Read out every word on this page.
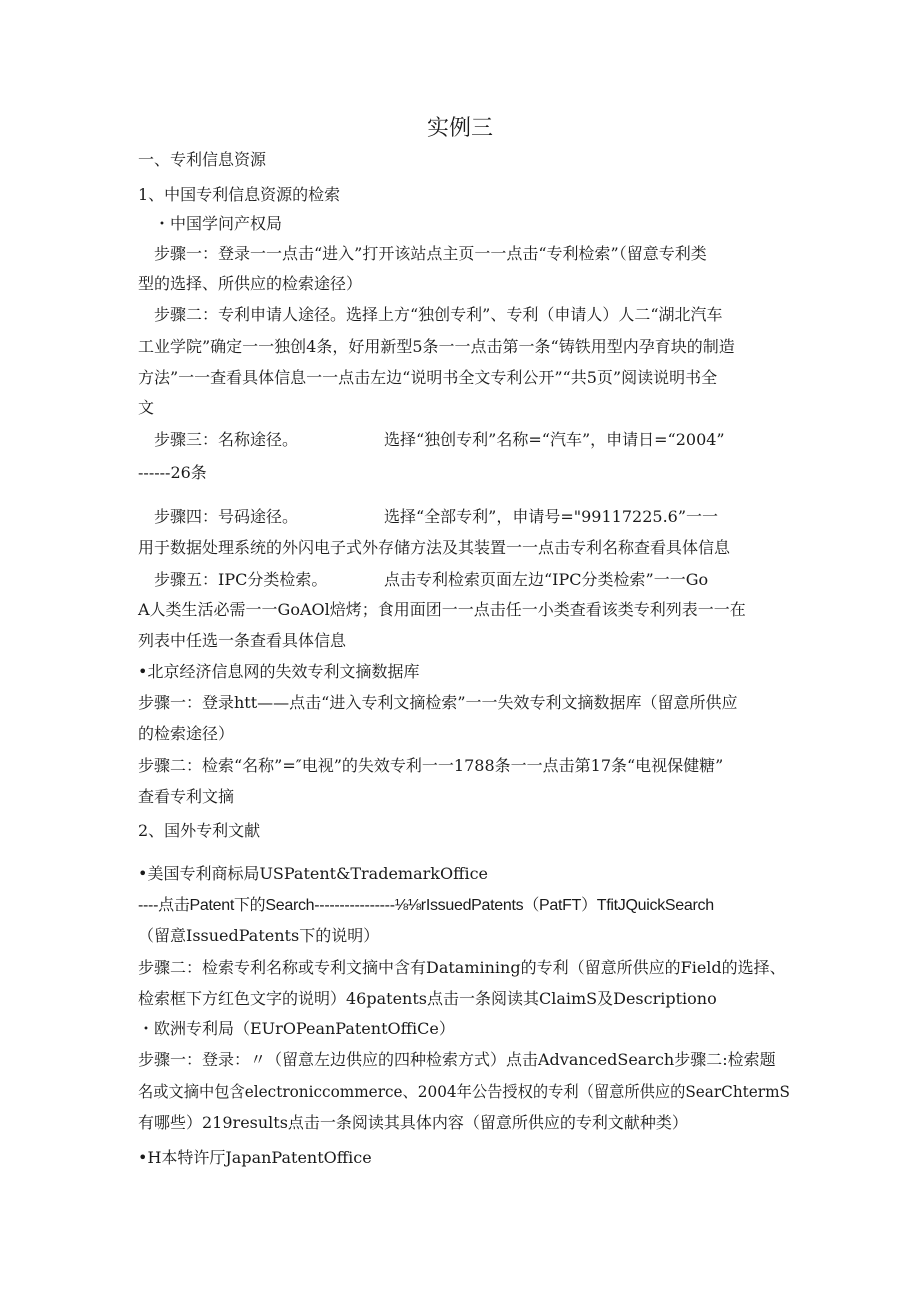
实例三
一、专利信息资源
1、中国专利信息资源的检索
・中国学问产权局
步骤一：登录一一点击“进入”打开该站点主页一一点击“专利检索”（留意专利类
型的选择、所供应的检索途径）
步骤二：专利申请人途径。选择上方“独创专利”、专利（申请人）人二“湖北汽车
工业学院”确定一一独创4条，好用新型5条一一点击第一条“铸铁用型内孕育块的制造
方法”一一查看具体信息一一点击左边“说明书全文专利公开”“共5页”阅读说明书全
文
步骤三：名称途径。	选择“独创专利”名称=“汽车”，申请日=“2004”
------26条
步骤四：号码途径。	选择“全部专利”，申请号="99117225.6”一一
用于数据处理系统的外闪电子式外存储方法及其装置一一点击专利名称查看具体信息
步骤五：IPC分类检索。	点击专利检索页面左边“IPC分类检索”一一Go
A人类生活必需一一GoAOl焙烤；食用面团一一点击任一小类查看该类专利列表一一在
列表中任选一条查看具体信息
•北京经济信息网的失效专利文摘数据库
步骤一：登录htt——点击“进入专利文摘检索”一一失效专利文摘数据库（留意所供应
的检索途径）
步骤二：检索“名称”=″电视”的失效专利一一1788条一一点击第17条“电视保健糖”
查看专利文摘
2、国外专利文献
•美国专利商标局USPatent&TrademarkOffice
----点击Patent下的Search----------------⅛⅛rIssuedPatents（PatFT）TfitJQuickSearch
（留意IssuedPatents下的说明）
步骤二：检索专利名称或专利文摘中含有Datamining的专利（留意所供应的Field的选择、
检索框下方红色文字的说明）46patents点击一条阅读其ClaimS及Descriptiono
・欧洲专利局（EUrOPeanPatentOffiCe）
步骤一：登录：〃（留意左边供应的四种检索方式）点击AdvancedSearch步骤二:检索题
名或文摘中包含electroniccommerce、2004年公告授权的专利（留意所供应的SearChtermS
有哪些）219results点击一条阅读其具体内容（留意所供应的专利文献种类）
•H本特许厅JapanPatentOffice
